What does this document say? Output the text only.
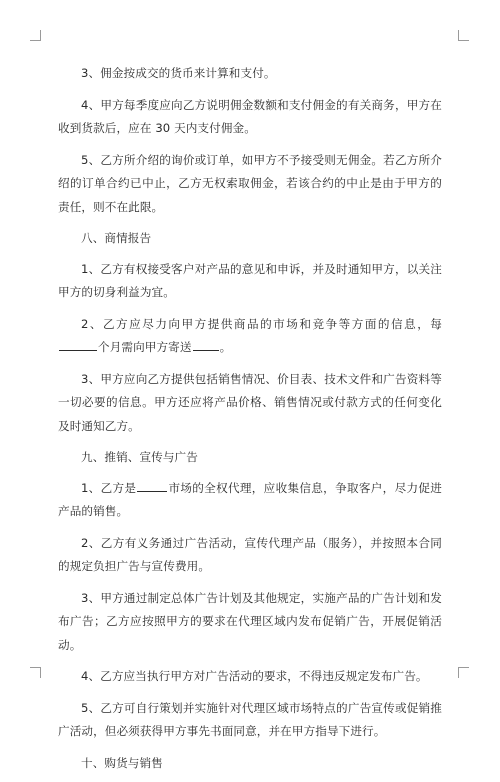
3、佣金按成交的货币来计算和支付。

4、甲方每季度应向乙方说明佣金数额和支付佣金的有关商务，甲方在收到货款后，应在 30 天内支付佣金。

5、乙方所介绍的询价或订单，如甲方不予接受则无佣金。若乙方所介绍的订单合约已中止，乙方无权索取佣金，若该合约的中止是由于甲方的责任，则不在此限。

八、商情报告

1、乙方有权接受客户对产品的意见和申诉，并及时通知甲方，以关注甲方的切身利益为宜。

2、乙方应尽力向甲方提供商品的市场和竞争等方面的信息，每个月需向甲方寄送 。

3、甲方应向乙方提供包括销售情况、价目表、技术文件和广告资料等一切必要的信息。甲方还应将产品价格、销售情况或付款方式的任何变化及时通知乙方。

九、推销、宣传与广告

1、乙方是	市场的全权代理，应收集信息，争取客户，尽力促进产品的销售。

2、乙方有义务通过广告活动，宣传代理产品（服务），并按照本合同的规定负担广告与宣传费用。

3、甲方通过制定总体广告计划及其他规定，实施产品的广告计划和发布广告；乙方应按照甲方的要求在代理区域内发布促销广告，开展促销活动。

4、乙方应当执行甲方对广告活动的要求，不得违反规定发布广告。

5、乙方可自行策划并实施针对代理区域市场特点的广告宣传或促销推广活动，但必须获得甲方事先书面同意，并在甲方指导下进行。

十、购货与销售
